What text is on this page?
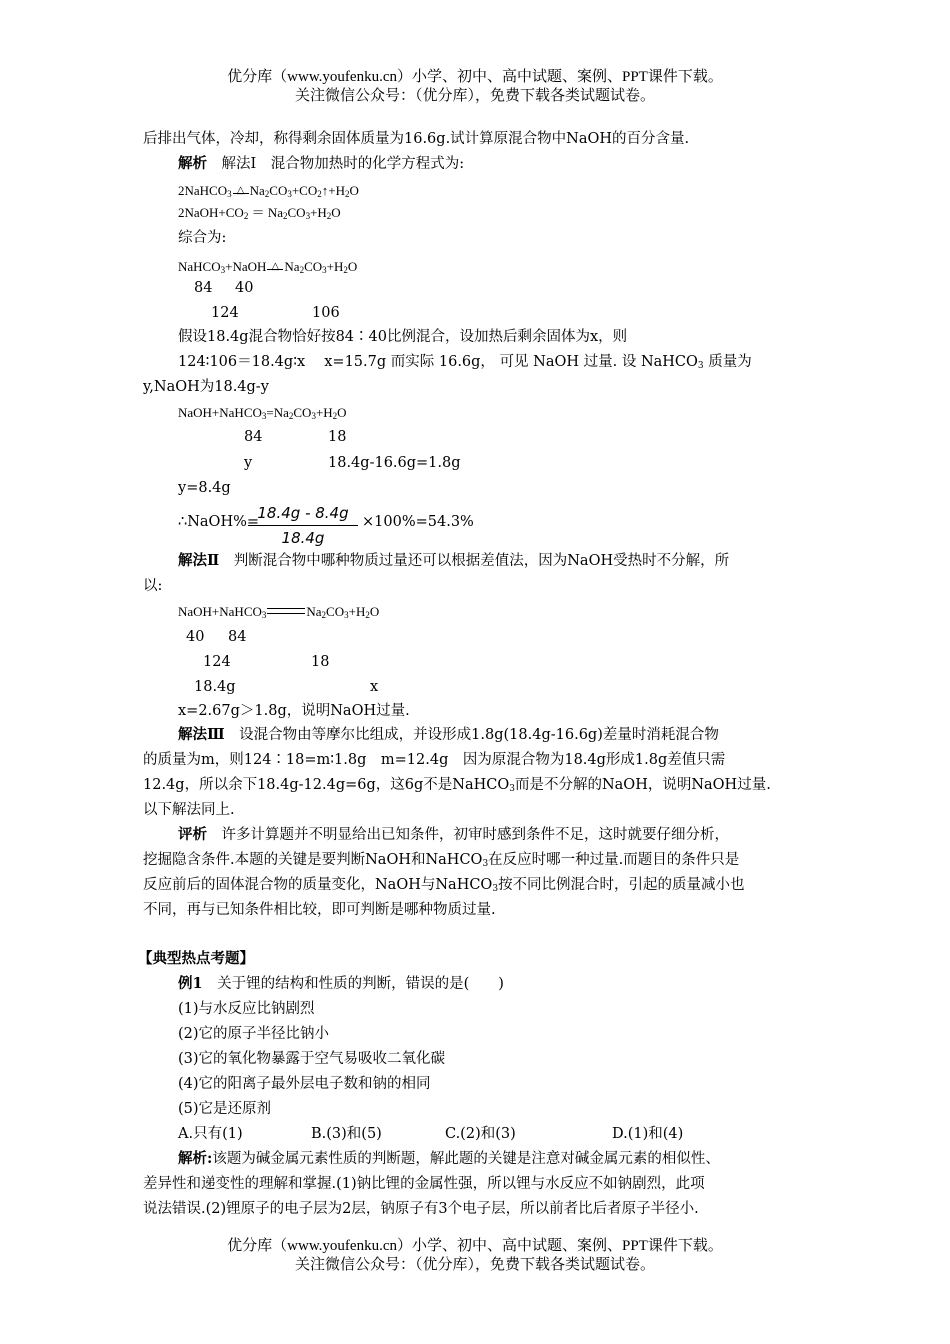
优分库（www.youfenku.cn）小学、初中、高中试题、案例、PPT课件下载。
关注微信公众号：（优分库），免费下载各类试题试卷。
后排出气体，冷却，称得剩余固体质量为16.6g.试计算原混合物中NaOH的百分含量.
解析　解法Ⅰ　混合物加热时的化学方程式为:
2NaHCO$_3$ △ $Na_2CO_3+CO_2↑+H_2O$
$2NaOH+CO_2 = Na_2CO_3+H_2O$
综合为:
NaHCO$_3$+NaOH △ $Na_2CO_3+H_2O$
84 40
124	106
假设18.4g混合物恰好按84∶40比例混合，设加热后剩余固体为x，则
124∶106＝18.4g∶x　 x=15.7g 而实际 16.6g， 可见 NaOH 过量. 设 NaHCO$_3$ 质量为
y,NaOH为18.4g-y
$NaOH+NaHCO_3=Na_2CO_3+H_2O$
84	18
y	18.4g-16.6g=1.8g
y=8.4g
∴NaOH%=
18.4g - 8.4g
18.4g
×100%=54.3%
解法Ⅱ　判断混合物中哪种物质过量还可以根据差值法，因为NaOH受热时不分解，所
以:
NaOH+NaHCO$_3$	$Na_2CO_3+H_2O$
40 84
124	18
18.4g	x
x=2.67g＞1.8g，说明NaOH过量.
解法Ⅲ　设混合物由等摩尔比组成，并设形成1.8g(18.4g-16.6g)差量时消耗混合物
的质量为m，则124∶18=m∶1.8g　m=12.4g　因为原混合物为18.4g形成1.8g差值只需
12.4g，所以余下18.4g-12.4g=6g，这6g不是NaHCO$_3$而是不分解的NaOH，说明NaOH过量.
以下解法同上.
评析　许多计算题并不明显给出已知条件，初审时感到条件不足，这时就要仔细分析，
挖掘隐含条件.本题的关键是要判断NaOH和NaHCO$_3$在反应时哪一种过量.而题目的条件只是
反应前后的固体混合物的质量变化，NaOH与NaHCO$_3$按不同比例混合时，引起的质量减小也
不同，再与已知条件相比较，即可判断是哪种物质过量.
【典型热点考题】
例1　关于锂的结构和性质的判断，错误的是(　　)
(1)与水反应比钠剧烈
(2)它的原子半径比钠小
(3)它的氧化物暴露于空气易吸收二氧化碳
(4)它的阳离子最外层电子数和钠的相同
(5)它是还原剂
A.只有(1)	B.(3)和(5)	C.(2)和(3)	D.(1)和(4)
解析:该题为碱金属元素性质的判断题，解此题的关键是注意对碱金属元素的相似性、
差异性和递变性的理解和掌握.(1)钠比锂的金属性强，所以锂与水反应不如钠剧烈，此项
说法错误.(2)锂原子的电子层为2层，钠原子有3个电子层，所以前者比后者原子半径小.
优分库（www.youfenku.cn）小学、初中、高中试题、案例、PPT课件下载。
关注微信公众号：（优分库），免费下载各类试题试卷。
